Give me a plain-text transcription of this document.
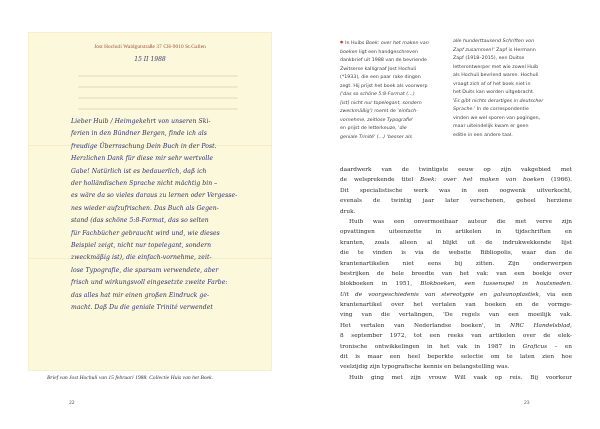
Jost Hochuli Waldgutstraße 37 CH-9010 St.Gallen
15 II 1988
Lieber Huib / Heimgekehrt von unseren Ski-
ferien in den Bündner Bergen, finde ich als
freudige Überraschung Dein Buch in der Post.
Herzlichen Dank für diese mir sehr wertvolle
Gabe! Natürlich ist es bedauerlich, daß ich
der holländischen Sprache nicht mächtig bin –
es wäre da so vieles daraus zu lernen oder Vergesse-
nes wieder aufzufrischen. Das Buch als Gegen-
stand (das schöne 5:8-Format, das so selten
für Fachbücher gebraucht wird und, wie dieses
Beispiel zeigt, nicht nur topelegant, sondern
zweckmäßig ist), die einfach-vornehme, zeit-
lose Typografie, die sparsam verwendete, aber
frisch und wirkungsvoll eingesetzte zweite Farbe:
das alles hat mir einen großen Eindruck ge-
macht. Daß Du die geniale Trinité verwendet
Brief van Jost Hochuli van 15 februari 1988. Collectie Huis van het Boek.
22
● In Huibs Boek: over het maken van
boeken ligt een handgeschreven
dankbrief uit 1988 van de bevriende
Zwitserse kalligraaf Jost Hochuli
(*1933), die een paar rake dingen
zegt. Hij prijst het boek als voorwerp
('das so schöne 5:8-Format (…)
[ist] nicht nur topelegant, sondern
zweckmäßig') roemt de 'einfach-
vornehme, zeitlose Typografie'
en prijst de letterkeuze, 'die
geniale Trinité' (…) 'besser als
alle hunderttausend Schriften von
Zapf zusammen!' Zapf is Hermann
Zapf (1918–2015), een Duitse
letterontwerper met wie zowel Huib
als Hochuli bevriend waren. Hochuli
vraagt zich af of het boek niet in
het Duits kan worden uitgebracht.
'Es gibt nichts derartiges in deutscher
Sprache.' In de correspondentie
vinden we wel sporen van pogingen,
maar uiteindelijk kwam er geen
editie in een andere taal.
daardwerk van de twintigste eeuw op zijn vakgebied met
de welsprekende titel Boek: over het maken van boeken (1966).
Dit specialistische werk was in een oogwenk uitverkocht,
evenals de twintig jaar later verschenen, geheel herziene
druk.
Huib was een onvermoeibaar auteur die met verve zijn
opvattingen uiteenzette in artikelen in tijdschriften en
kranten, zoals alleen al blijkt uit de indrukwekkende lijst
die te vinden is via de website Bibliopolis, waar dan de
krantenartikelen niet eens bij zitten. Zijn onderwerpen
bestrijken de hele breedte van het vak: van een boekje over
blokboeken in 1951, Blokboeken, een tussenspel in houtsneden.
Uit de voorgeschiedenis van stereotypie en galvanoplastiek, via een
krantenartikel over het vertalen van boeken en de vormge-
ving van die vertalingen, 'De regels van een moeilijk vak.
Het vertalen van Nederlandse boeken', in NRC Handelsblad,
8 september 1972, tot een reeks van artikelen over de elek-
tronische ontwikkelingen in het vak in 1987 in Graficus – en
dit is maar een heel beperkte selectie om te laten zien hoe
veelzijdig zijn typografische kennis en belangstelling was.
Huib ging met zijn vrouw Will vaak op reis. Bij voorkeur
23
